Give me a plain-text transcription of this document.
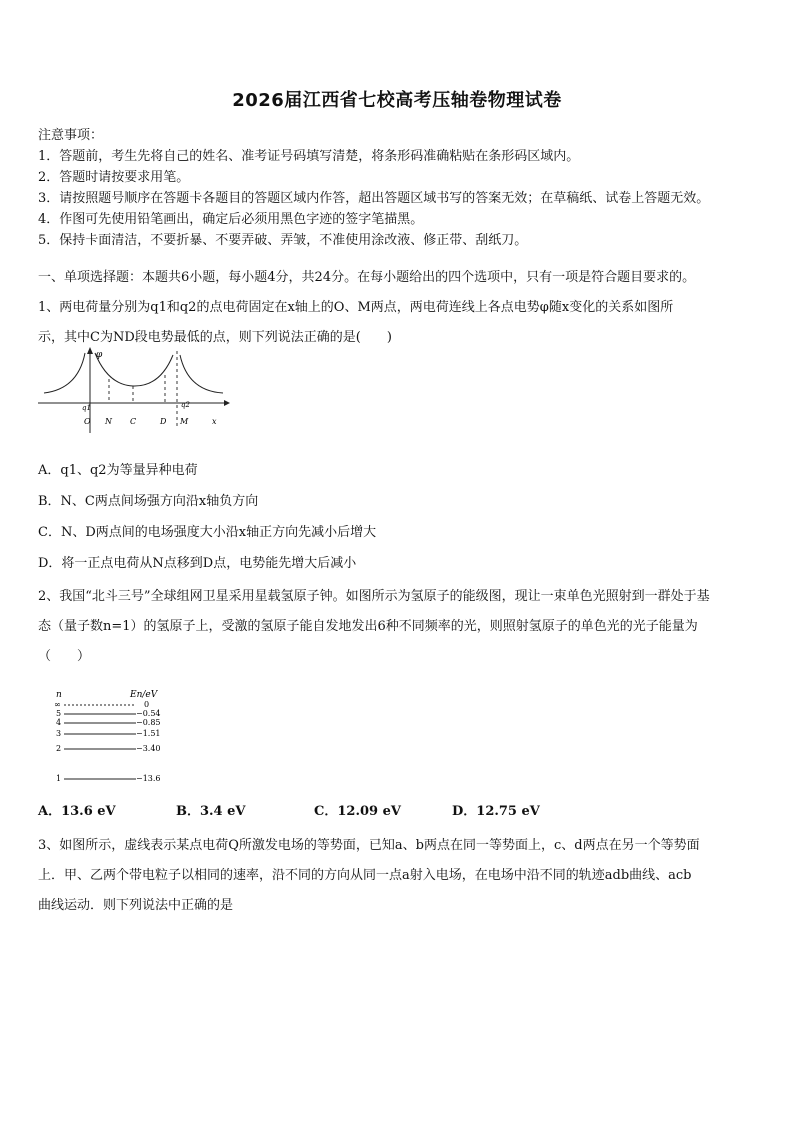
2026届江西省七校高考压轴卷物理试卷
注意事项：
1．答题前，考生先将自己的姓名、准考证号码填写清楚，将条形码准确粘贴在条形码区域内。
2．答题时请按要求用笔。
3．请按照题号顺序在答题卡各题目的答题区域内作答，超出答题区域书写的答案无效；在草稿纸、试卷上答题无效。
4．作图可先使用铅笔画出，确定后必须用黑色字迹的签字笔描黑。
5．保持卡面清洁，不要折暴、不要弄破、弄皱，不准使用涂改液、修正带、刮纸刀。
一、单项选择题：本题共6小题，每小题4分，共24分。在每小题给出的四个选项中，只有一项是符合题目要求的。
1、两电荷量分别为q1和q2的点电荷固定在x轴上的O、M两点，两电荷连线上各点电势φ随x变化的关系如图所
示，其中C为ND段电势最低的点，则下列说法正确的是(　　)
φ
q1	q2
O N C	D M	x
A．q1、q2为等量异种电荷
B．N、C两点间场强方向沿x轴负方向
C．N、D两点间的电场强度大小沿x轴正方向先减小后增大
D．将一正点电荷从N点移到D点，电势能先增大后减小
2、我国“北斗三号”全球组网卫星采用星载氢原子钟。如图所示为氢原子的能级图，现让一束单色光照射到一群处于基
态（量子数n=1）的氢原子上，受激的氢原子能自发地发出6种不同频率的光，则照射氢原子的单色光的光子能量为
（　　）
n	En/eV
∞	0
5	−0.54
4	−0.85
3	−1.51
2	−3.40
1	−13.6
A．13.6 eV	B．3.4 eV	C．12.09 eV	D．12.75 eV
3、如图所示，虚线表示某点电荷Q所激发电场的等势面，已知a、b两点在同一等势面上，c、d两点在另一个等势面
上．甲、乙两个带电粒子以相同的速率，沿不同的方向从同一点a射入电场，在电场中沿不同的轨迹adb曲线、acb
曲线运动．则下列说法中正确的是
